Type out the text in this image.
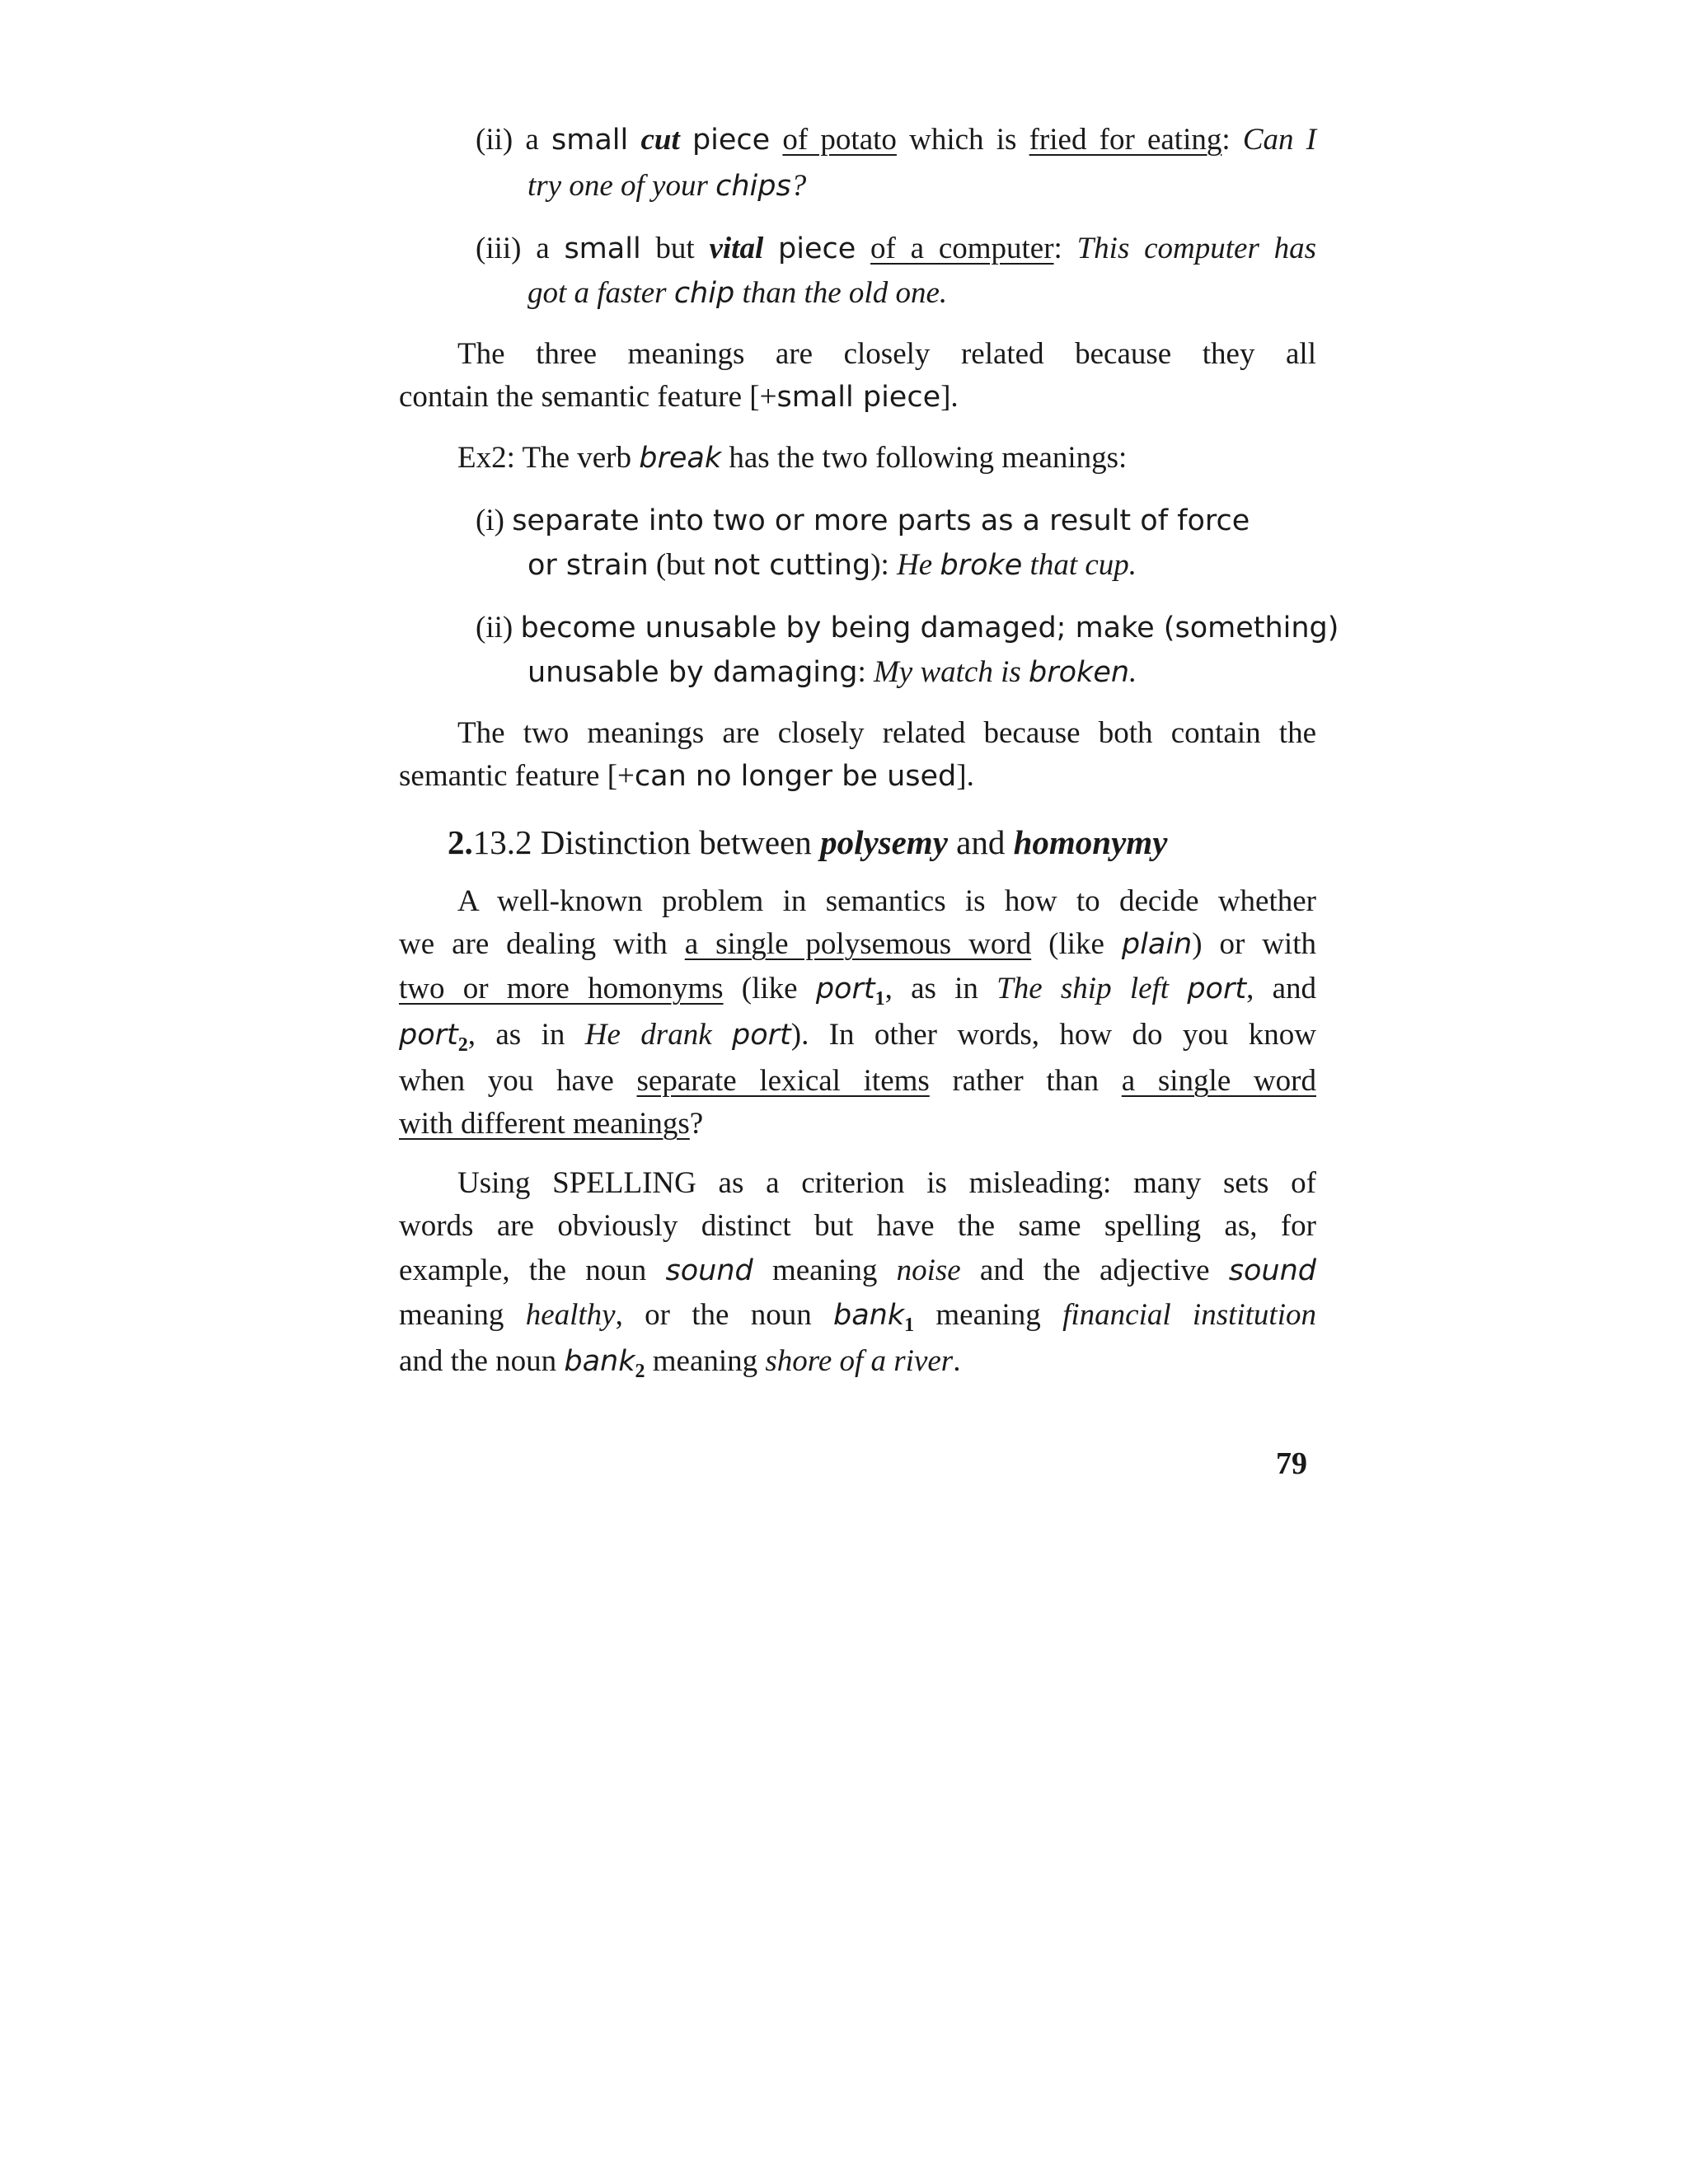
(ii) a small cut piece of potato which is fried for eating: Can I
try one of your chips?
(iii) a small but vital piece of a computer: This computer has
got a faster chip than the old one.
The three meanings are closely related because they all
contain the semantic feature [+small piece].
Ex2: The verb break has the two following meanings:
(i) separate into two or more parts as a result of force
or strain (but not cutting): He broke that cup.
(ii) become unusable by being damaged; make (something)
unusable by damaging: My watch is broken.
The two meanings are closely related because both contain the
semantic feature [+can no longer be used].
2.13.2 Distinction between polysemy and homonymy
A well-known problem in semantics is how to decide whether
we are dealing with a single polysemous word (like plain) or with
two or more homonyms (like port$_1$, as in The ship left port, and
port$_2$, as in He drank port). In other words, how do you know
when you have separate lexical items rather than a single word
with different meanings?
Using SPELLING as a criterion is misleading: many sets of
words are obviously distinct but have the same spelling as, for
example, the noun sound meaning noise and the adjective sound
meaning healthy, or the noun bank$_1$ meaning financial institution
and the noun bank$_2$ meaning shore of a river.
79
